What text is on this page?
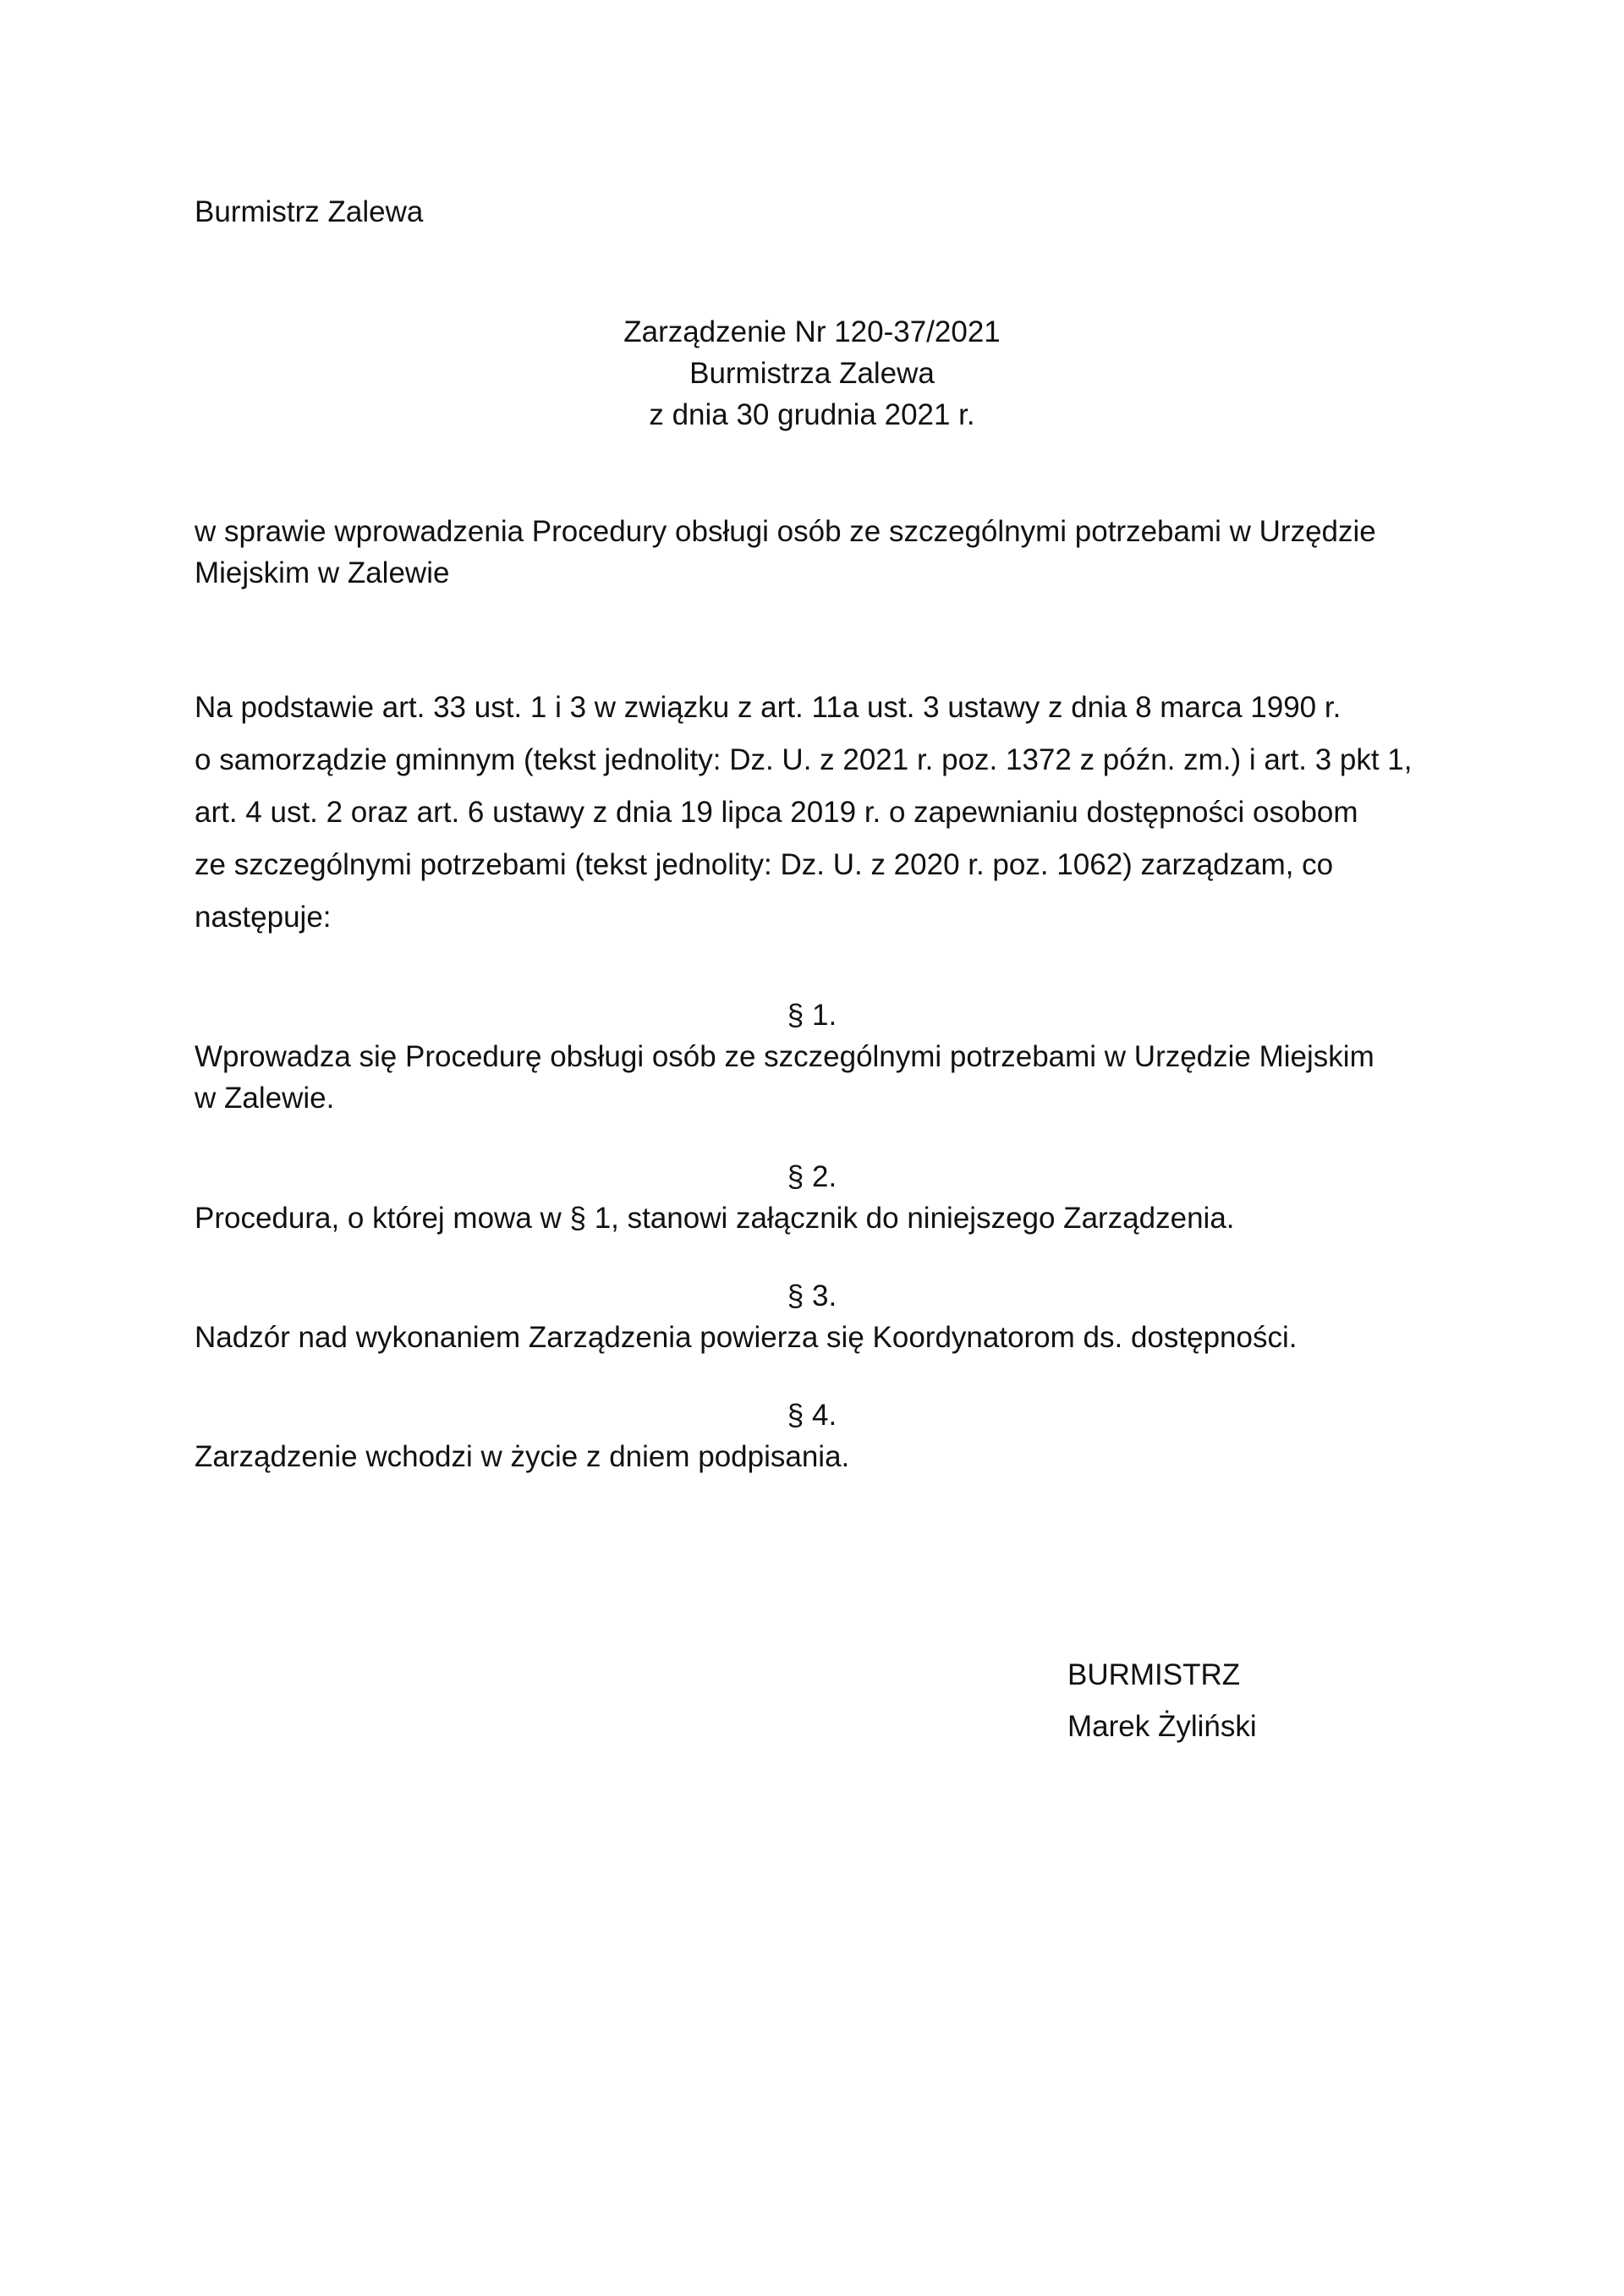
Burmistrz Zalewa

Zarządzenie Nr 120-37/2021

Burmistrza Zalewa

z dnia 30 grudnia 2021 r.

w sprawie wprowadzenia Procedury obsługi osób ze szczególnymi potrzebami w Urzędzie

Miejskim w Zalewie

Na podstawie art. 33 ust. 1 i 3 w związku z art. 11a ust. 3 ustawy z dnia 8 marca 1990 r.
o samorządzie gminnym (tekst jednolity: Dz. U. z 2021 r. poz. 1372 z późn. zm.) i art. 3 pkt 1,
art. 4 ust. 2 oraz art. 6 ustawy z dnia 19 lipca 2019 r. o zapewnianiu dostępności osobom
ze szczególnymi potrzebami (tekst jednolity: Dz. U. z 2020 r. poz. 1062) zarządzam, co
następuje:

§ 1.

Wprowadza się Procedurę obsługi osób ze szczególnymi potrzebami w Urzędzie Miejskim

w Zalewie.

§ 2.

Procedura, o której mowa w § 1, stanowi załącznik do niniejszego Zarządzenia.

§ 3.

Nadzór nad wykonaniem Zarządzenia powierza się Koordynatorom ds. dostępności.

§ 4.

Zarządzenie wchodzi w życie z dniem podpisania.

BURMISTRZ

Marek Żyliński
